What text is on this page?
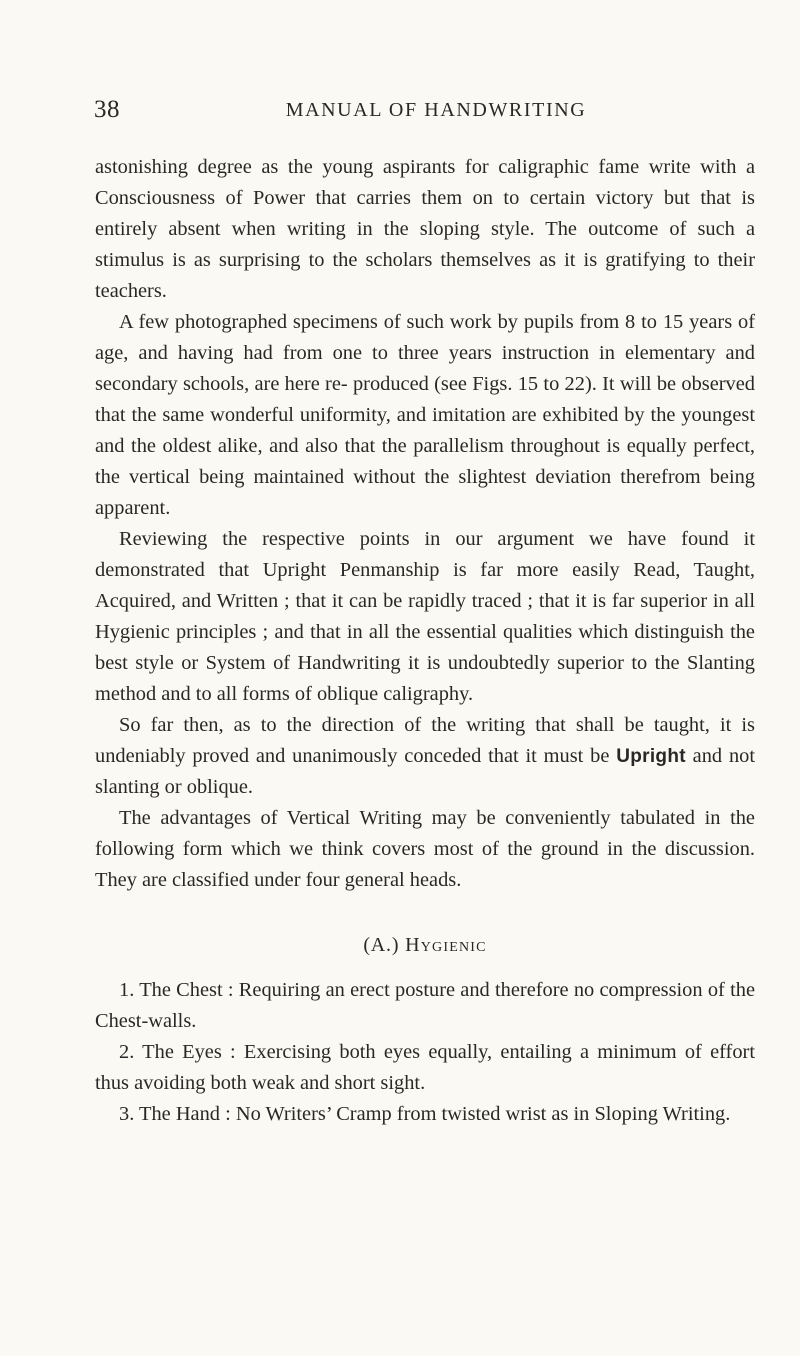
38	MANUAL OF HANDWRITING

astonishing degree as the young aspirants for caligraphic fame write with a Consciousness of Power that carries them on to certain victory but that is entirely absent when writing in the sloping style. The outcome of such a stimulus is as surprising to the scholars themselves as it is gratifying to their teachers.

A few photographed specimens of such work by pupils from 8 to 15 years of age, and having had from one to three years instruction in elementary and secondary schools, are here re- produced (see Figs. 15 to 22). It will be observed that the same wonderful uniformity, and imitation are exhibited by the youngest and the oldest alike, and also that the parallelism throughout is equally perfect, the vertical being maintained without the slightest deviation therefrom being apparent.

Reviewing the respective points in our argument we have found it demonstrated that Upright Penmanship is far more easily Read, Taught, Acquired, and Written ; that it can be rapidly traced ; that it is far superior in all Hygienic principles ; and that in all the essential qualities which distinguish the best style or System of Handwriting it is undoubtedly superior to the Slanting method and to all forms of oblique caligraphy.

So far then, as to the direction of the writing that shall be taught, it is undeniably proved and unanimously conceded that it must be Upright and not slanting or oblique.

The advantages of Vertical Writing may be conveniently tabulated in the following form which we think covers most of the ground in the discussion. They are classified under four general heads.

(A.) Hygienic

1. The Chest : Requiring an erect posture and therefore no compression of the Chest-walls.

2. The Eyes : Exercising both eyes equally, entailing a minimum of effort thus avoiding both weak and short sight.

3. The Hand : No Writers’ Cramp from twisted wrist as in Sloping Writing.
